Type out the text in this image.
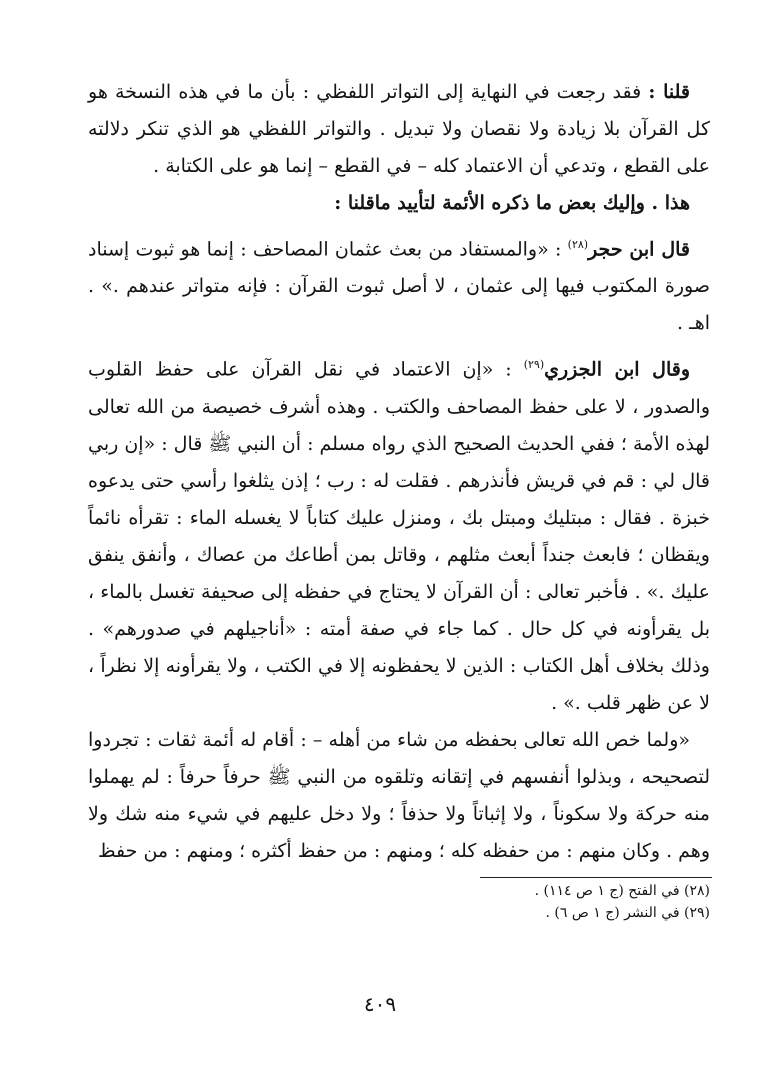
قلنا : فقد رجعت في النهاية إلى التواتر اللفظي : بأن ما في هذه النسخة هو كل القرآن بلا زيادة ولا نقصان ولا تبديل . والتواتر اللفظي هو الذي تنكر دلالته على القطع ، وتدعي أن الاعتماد كله – في القطع – إنما هو على الكتابة .

هذا . وإليك بعض ما ذكره الأئمة لتأييد ماقلنا :

قال ابن حجر$^{(٢٨)}$ : «والمستفاد من بعث عثمان المصاحف : إنما هو ثبوت إسناد صورة المكتوب فيها إلى عثمان ، لا أصل ثبوت القرآن : فإنه متواتر عندهم .» . اهـ .

وقال ابن الجزري$^{(٢٩)}$ : «إن الاعتماد في نقل القرآن على حفظ القلوب والصدور ، لا على حفظ المصاحف والكتب . وهذه أشرف خصيصة من الله تعالى لهذه الأمة ؛ ففي الحديث الصحيح الذي رواه مسلم : أن النبي ﷺ قال : «إن ربي قال لي : قم في قريش فأنذرهم . فقلت له : رب ؛ إذن يثلغوا رأسي حتى يدعوه خبزة . فقال : مبتليك ومبتل بك ، ومنزل عليك كتاباً لا يغسله الماء : تقرأه نائماً ويقظان ؛ فابعث جنداً أبعث مثلهم ، وقاتل بمن أطاعك من عصاك ، وأنفق ينفق عليك .» . فأخبر تعالى : أن القرآن لا يحتاج في حفظه إلى صحيفة تغسل بالماء ، بل يقرأونه في كل حال . كما جاء في صفة أمته : «أناجيلهم في صدورهم» . وذلك بخلاف أهل الكتاب : الذين لا يحفظونه إلا في الكتب ، ولا يقرأونه إلا نظراً ، لا عن ظهر قلب .» .

«ولما خص الله تعالى بحفظه من شاء من أهله – : أقام له أئمة ثقات : تجردوا لتصحيحه ، وبذلوا أنفسهم في إتقانه وتلقوه من النبي ﷺ حرفاً حرفاً : لم يهملوا منه حركة ولا سكوناً ، ولا إثباتاً ولا حذفاً ؛ ولا دخل عليهم في شيء منه شك ولا وهم . وكان منهم : من حفظه كله ؛ ومنهم : من حفظ أكثره ؛ ومنهم : من حفظ

(٢٨) في الفتح (ج ١ ص ١١٤) .

(٢٩) في النشر (ج ١ ص ٦) .

٤٠٩
